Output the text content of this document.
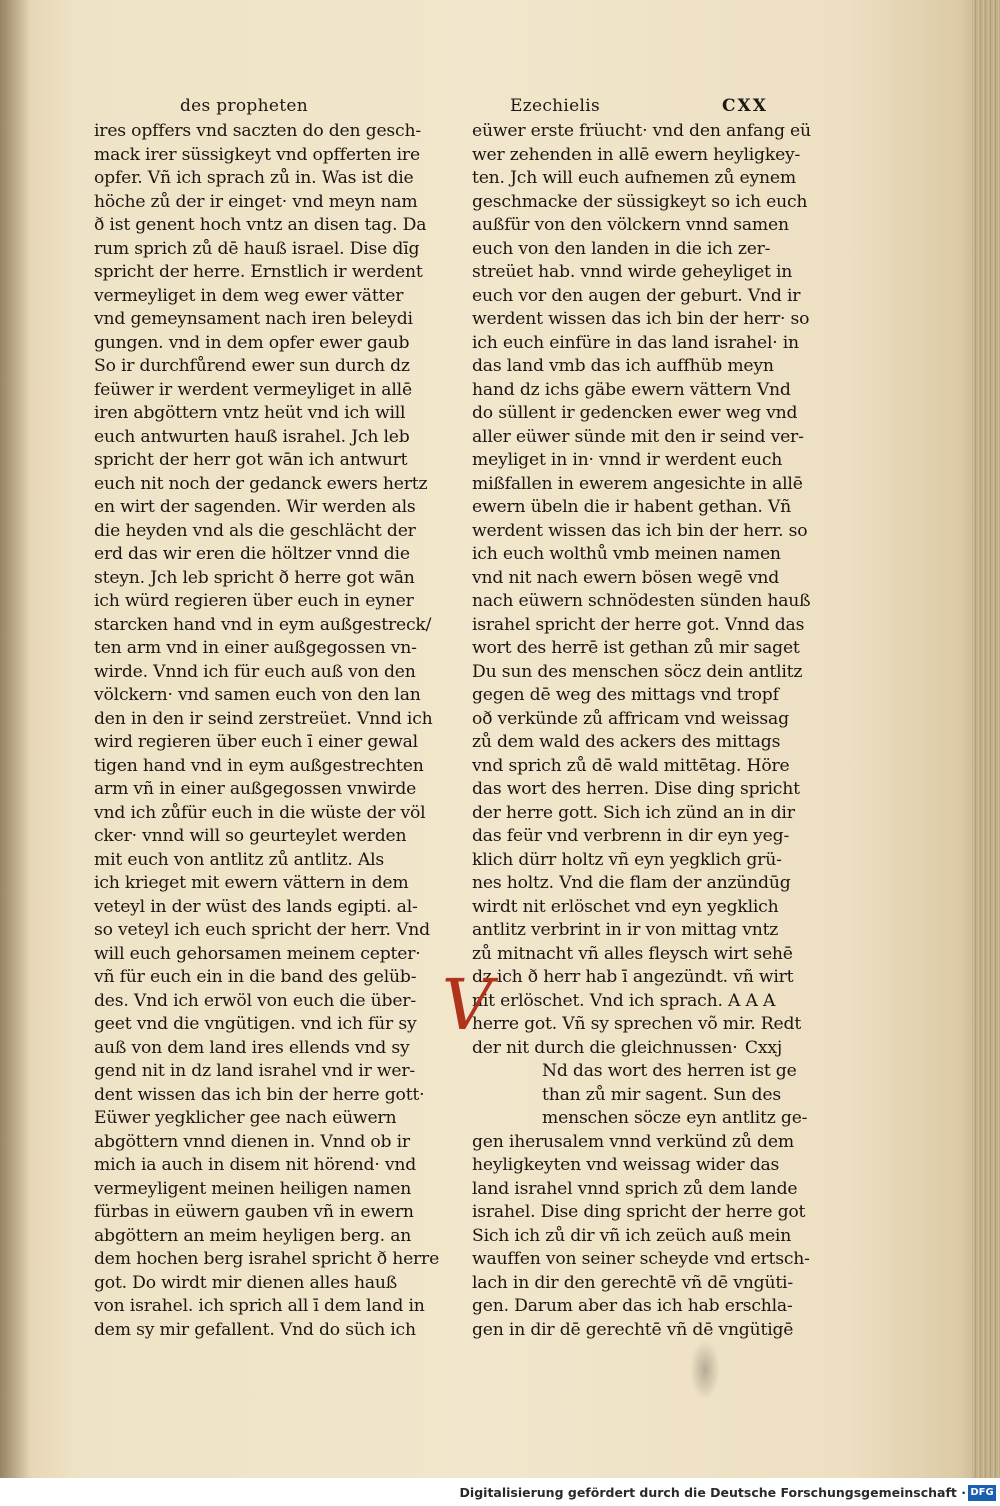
des propheten	Ezechielis	CXX
ires opffers vnd saczten do den gesch-
mack irer süssigkeyt vnd opfferten ire
opfer. Vñ ich sprach zů in. Was ist die
höche zů der ir einget· vnd meyn nam
ð ist genent hoch vntz an disen tag. Da
rum sprich zů dē hauß israel. Dise dīg
spricht der herre. Ernstlich ir werdent
vermeyliget in dem weg ewer vätter
vnd gemeynsament nach iren beleydi
gungen. vnd in dem opfer ewer gaub
So ir durchfůrend ewer sun durch dz
feüwer ir werdent vermeyliget in allē
iren abgöttern vntz heüt vnd ich will
euch antwurten hauß israhel. Jch leb
spricht der herr got wān ich antwurt
euch nit noch der gedanck ewers hertz
en wirt der sagenden. Wir werden als
die heyden vnd als die geschlächt der
erd das wir eren die höltzer vnnd die
steyn. Jch leb spricht ð herre got wān
ich würd regieren über euch in eyner
starcken hand vnd in eym außgestreck/
ten arm vnd in einer außgegossen vn-
wirde. Vnnd ich für euch auß von den
völckern· vnd samen euch von den lan
den in den ir seind zerstreüet. Vnnd ich
wird regieren über euch ī einer gewal
tigen hand vnd in eym außgestrechten
arm vñ in einer außgegossen vnwirde
vnd ich zůfür euch in die wüste der völ
cker· vnnd will so geurteylet werden
mit euch von antlitz zů antlitz. Als
ich krieget mit ewern vättern in dem
veteyl in der wüst des lands egipti. al-
so veteyl ich euch spricht der herr. Vnd
will euch gehorsamen meinem cepter·
vñ für euch ein in die band des gelüb-
des. Vnd ich erwöl von euch die über-
geet vnd die vngütigen. vnd ich für sy
auß von dem land ires ellends vnd sy
gend nit in dz land israhel vnd ir wer-
dent wissen das ich bin der herre gott·
Eüwer yegklicher gee nach eüwern
abgöttern vnnd dienen in. Vnnd ob ir
mich ia auch in disem nit hörend· vnd
vermeyligent meinen heiligen namen
fürbas in eüwern gauben vñ in ewern
abgöttern an meim heyligen berg. an
dem hochen berg israhel spricht ð herre
got. Do wirdt mir dienen alles hauß
von israhel. ich sprich all ī dem land in
dem sy mir gefallent. Vnd do süch ich
eüwer erste früucht· vnd den anfang eü
wer zehenden in allē ewern heyligkey-
ten. Jch will euch aufnemen zů eynem
geschmacke der süssigkeyt so ich euch
außfür von den völckern vnnd samen
euch von den landen in die ich zer-
streüet hab. vnnd wirde geheyliget in
euch vor den augen der geburt. Vnd ir
werdent wissen das ich bin der herr· so
ich euch einfüre in das land israhel· in
das land vmb das ich auffhüb meyn
hand dz ichs gäbe ewern vättern Vnd
do süllent ir gedencken ewer weg vnd
aller eüwer sünde mit den ir seind ver-
meyliget in in· vnnd ir werdent euch
mißfallen in ewerem angesichte in allē
ewern übeln die ir habent gethan. Vñ
werdent wissen das ich bin der herr. so
ich euch wolthů vmb meinen namen
vnd nit nach ewern bösen wegē vnd
nach eüwern schnödesten sünden hauß
israhel spricht der herre got. Vnnd das
wort des herrē ist gethan zů mir saget
Du sun des menschen söcz dein antlitz
gegen dē weg des mittags vnd tropf
oð verkünde zů affricam vnd weissag
zů dem wald des ackers des mittags
vnd sprich zů dē wald mittētag. Höre
das wort des herren. Dise ding spricht
der herre gott. Sich ich zünd an in dir
das feür vnd verbrenn in dir eyn yeg-
klich dürr holtz vñ eyn yegklich grü-
nes holtz. Vnd die flam der anzündūg
wirdt nit erlöschet vnd eyn yegklich
antlitz verbrint in ir von mittag vntz
zů mitnacht vñ alles fleysch wirt sehē
dz ich ð herr hab ī angezündt. vñ wirt
nit erlöschet. Vnd ich sprach. A A A
herre got. Vñ sy sprechen võ mir. Redt
der nit durch die gleichnussen· Cxxj
Nd das wort des herren ist ge
than zů mir sagent. Sun des
menschen söcze eyn antlitz ge-
gen iherusalem vnnd verkünd zů dem
heyligkeyten vnd weissag wider das
land israhel vnnd sprich zů dem lande
israhel. Dise ding spricht der herre got
Sich ich zů dir vñ ich zeüch auß mein
wauffen von seiner scheyde vnd ertsch-
lach in dir den gerechtē vñ dē vngüti-
gen. Darum aber das ich hab erschla-
gen in dir dē gerechtē vñ dē vngütigē
V
Digitalisierung gefördert durch die Deutsche Forschungsgemeinschaft · DFG
